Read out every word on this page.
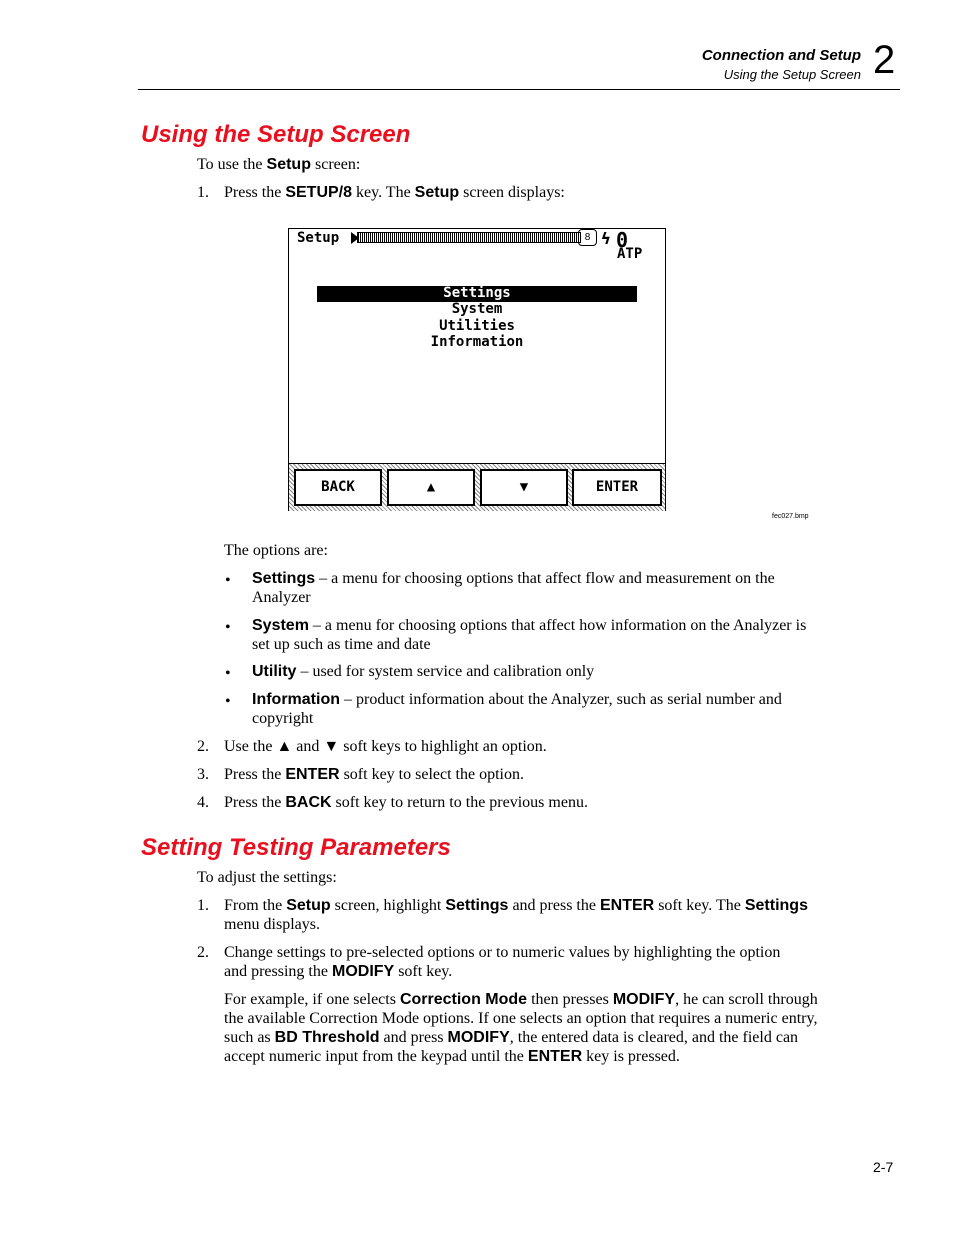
Connection and Setup
Using the Setup Screen 2
Using the Setup Screen
To use the Setup screen:
1. Press the SETUP/8 key. The Setup screen displays:
Setup	8 ϟ 0
ATP
Settings
System
Utilities
Information
BACK	▲	▼	ENTER
fec027.bmp
The options are:
• Settings – a menu for choosing options that affect flow and measurement on the Analyzer
• System – a menu for choosing options that affect how information on the Analyzer is set up such as time and date
• Utility – used for system service and calibration only
• Information – product information about the Analyzer, such as serial number and copyright
2. Use the ▲ and ▼ soft keys to highlight an option.
3. Press the ENTER soft key to select the option.
4. Press the BACK soft key to return to the previous menu.
Setting Testing Parameters
To adjust the settings:
1. From the Setup screen, highlight Settings and press the ENTER soft key. The Settings menu displays.
2. Change settings to pre-selected options or to numeric values by highlighting the option and pressing the MODIFY soft key.
For example, if one selects Correction Mode then presses MODIFY, he can scroll through the available Correction Mode options. If one selects an option that requires a numeric entry, such as BD Threshold and press MODIFY, the entered data is cleared, and the field can accept numeric input from the keypad until the ENTER key is pressed.
2-7
